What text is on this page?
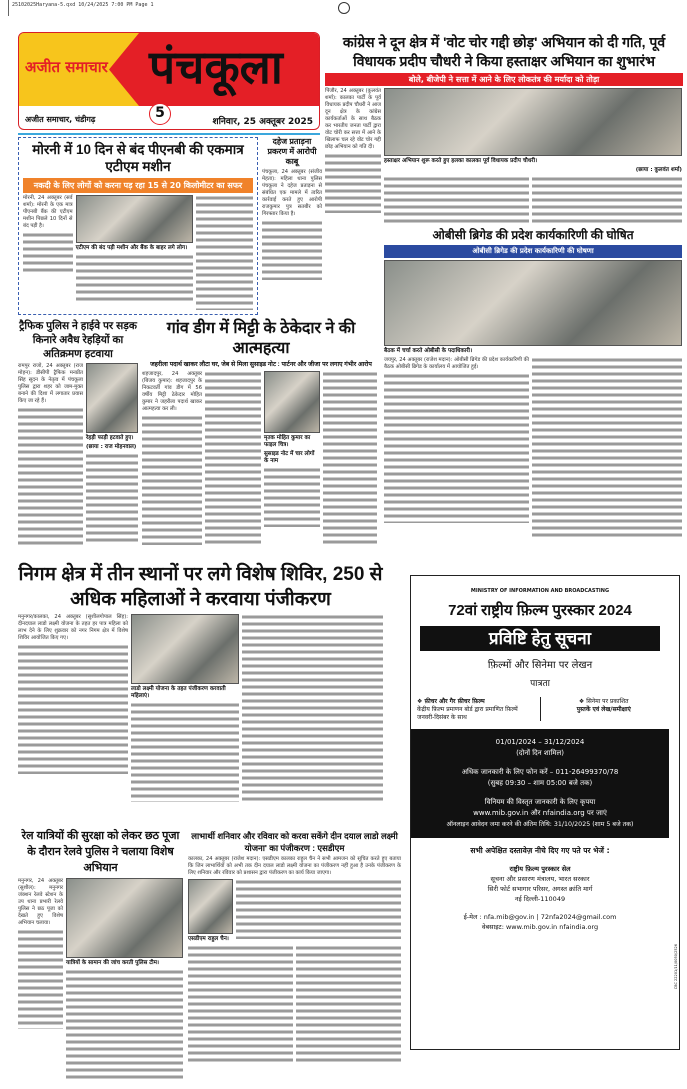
25102025Haryana-5.qxd 10/24/2025 7:00 PM Page 1
अजीत समाचार पंचकूला
अजीत समाचार, चंडीगढ़	5
शनिवार, 25 अक्तूबर 2025
कांग्रेस ने दून क्षेत्र में 'वोट चोर गद्दी छोड़' अभियान को दी गति, पूर्व विधायक प्रदीप चौधरी ने किया हस्ताक्षर अभियान का शुभारंभ
बोले, बीजेपी ने सत्ता में आने के लिए लोकतंत्र की मर्यादा को तोड़ा
पिंजौर, 24 अक्तूबर (कुलवंत शर्मा): कालका पार्टी के पूर्व विधायक प्रदीप चौधरी ने आज दून क्षेत्र के कांग्रेस कार्यकर्ताओं के साथ बैठक कर भारतीय जनता पार्टी द्वारा वोट चोरी कर सत्ता में आने के खिलाफ चल रहे वोट चोर गद्दी छोड़ अभियान को गति दी।
हस्ताक्षर अभियान शुरू करते हुए हलका कालका पूर्व विधायक प्रदीप चौधरी।
(छाया : कुलवंत शर्मा)
ओबीसी ब्रिगेड की प्रदेश कार्यकारिणी की घोषित
ओबीसी ब्रिगेड की प्रदेश कार्यकारिणी की घोषणा
बैठक में चर्चा करते ओबीसी के पदाधिकारी।
जयपुर, 24 अक्तूबर (राजेश मदान): ओबीसी ब्रिगेड की प्रदेश कार्यकारिणी की बैठक ओबीसी ब्रिगेड के कार्यालय में आयोजित हुई।
मोरनी में 10 दिन से बंद पीएनबी की एकमात्र एटीएम मशीन
नकदी के लिए लोगों को करना पड़ रहा 15 से 20 किलोमीटर का सफर
मोरनी, 24 अक्तूबर (सर्व शर्मा): मोरनी के एक मात्र पीएनबी बैंक की एटीएम मशीन पिछले 10 दिनों से बंद पड़ी है।
एटीएम की बंद पड़ी मशीन और बैंक के बाहर लगे लोग।
दहेज प्रताड़ना प्रकरण में आरोपी काबू
पंचकूला, 24 अक्तूबर (संजीव मेहता): महिला थाना पुलिस पंचकूला ने दहेज प्रताड़ना से संबंधित एक मामले में त्वरित कार्रवाई करते हुए आरोपी राजकुमार पुत्र सतबीर को गिरफ्तार किया है।
ट्रैफिक पुलिस ने हाईवे पर सड़क किनारे अवैध रेहड़ियों का अतिक्रमण हटवाया
रामपुर राजो, 24 अक्तूबर (राज मोहन): डीसीपी ट्रैफिक मनप्रीत सिंह सूदन के नेतृत्व में पंचकूला पुलिस द्वारा शहर को जाम-मुक्त बनाने की दिशा में लगातार प्रयास किए जा रहे हैं।
रेहड़ी फाड़ी हटवाते हुए।
(छाया : राज मोहनवाल)
गांव डीग में मिट्टी के ठेकेदार ने की आत्महत्या
जहरीला पदार्थ खाकर लौटा घर, जेब से मिला सुसाइड नोट : पार्टनर और जीजा पर लगाए गंभीर आरोप
शहजादपुर, 24 अक्तूबर (बिजय कुमार): शहजादपुर के निकटवर्ती गांव डीग में 56 वर्षीय मिट्टी ठेकेदार मोहित कुमार ने जहरीला पदार्थ खाकर आत्महत्या कर ली।
मृतक मोहित कुमार का फाइल चित्र।
सुसाइड नोट में चार लोगों के नाम
निगम क्षेत्र में तीन स्थानों पर लगे विशेष शिविर, 250 से अधिक महिलाओं ने करवाया पंजीकरण
मनुनगर/कालका, 24 अक्तूबर (सुशीलगोपाल सिंह): दीनदयाल लाडो लक्ष्मी योजना के तहत हर पात्र महिला को लाभ देने के लिए शुक्रवार को नगर निगम क्षेत्र में विशेष शिविर आयोजित किए गए।
लाडो लक्ष्मी योजना के तहत पंजीकरण करवाती महिलाएं।
रेल यात्रियों की सुरक्षा को लेकर छठ पूजा के दौरान रेलवे पुलिस ने चलाया विशेष अभियान
मनुनगर, 24 अक्तूबर (सुशील): मनुनगर जंक्शन रेलवे स्टेशन के उप थाना प्रभारी रेलवे पुलिस ने छठ पूजा को देखते हुए विशेष अभियान चलाया।
यात्रियों के सामान की जांच करती पुलिस टीम।
लाभार्थी शनिवार और रविवार को करवा सकेंगे दीन दयाल लाडो लक्ष्मी योजना' का पंजीकरण : एसडीएम
कालका, 24 अक्तूबर (राजेश मदान): एसडीएम कालका राहुल चैन ने सभी आमजन को सूचित करते हुए बताया कि जिन लाभार्थियों को अभी तक दीन दयाल लाडो लक्ष्मी योजना का पंजीकरण नहीं हुआ है उनके पंजीकरण के लिए शनिवार और रविवार को प्रशासन द्वारा पंजीकरण का कार्य किया जाएगा।
एसडीएम राहुल चैन।
MINISTRY OF INFORMATION AND BROADCASTING
72वां राष्ट्रीय फ़िल्म पुरस्कार 2024
प्रविष्टि हेतु सूचना
फ़िल्मों और सिनेमा पर लेखन
पात्रता
❖ फ़ीचर और गैर फ़ीचर फ़िल्म
केंद्रीय फ़िल्म प्रमाणन बोर्ड द्वारा प्रमाणित फ़िल्में जनवरी-दिसंबर के साथ
❖ सिनेमा पर प्रकाशित
पुस्तकें एवं लेख/समीक्षाएं
01/01/2024 – 31/12/2024
(दोनों दिन शामिल)
अधिक जानकारी के लिए फोन करें – 011-26499370/78
(सुबह 09:30 – शाम 05:00 बजे तक)
विनियम की विस्तृत जानकारी के लिए कृपया
www.mib.gov.in और nfaindia.org पर जाएं
ऑनलाइन आवेदन जमा करने की अंतिम तिथि: 31/10/2025 (शाम 5 बजे तक)
सभी अपेक्षित दस्तावेज़ नीचे दिए गए पते पर भेजें :
राष्ट्रीय फ़िल्म पुरस्कार सेल
सूचना और प्रसारण मंत्रालय, भारत सरकार
सिरी फोर्ट सभागार परिसर, अगस्त क्रांति मार्ग
नई दिल्ली-110049
ई-मेल : nfa.mib@gov.in | 72nfa2024@gmail.com
वेबसाइट: www.mib.gov.in nfaindia.org
CBC 22201/11/0050/2526
